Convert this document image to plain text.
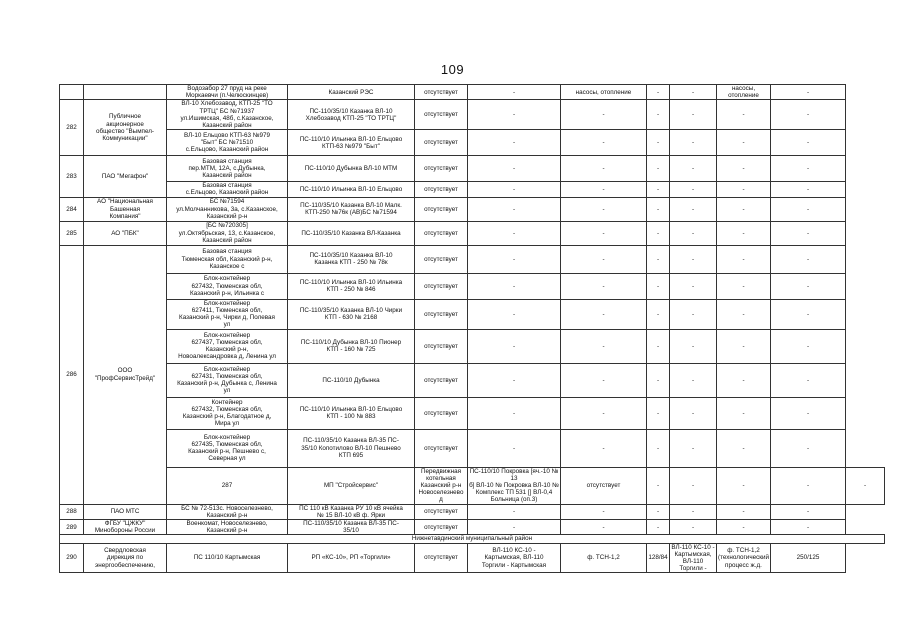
109
		Водозабор 27 пруд на реке
Моркаевчи (п.Челюскинцев)	Казанский РЭС	отсутствует	-	насосы, отопление	-	-	насосы, отопление	-		
282	Публичное
акционерное
общество "Вымпел-
Коммуникации"	ВЛ-10 Хлебозавод, КТП-25 "ТО
ТРТЦ" БС №71937
ул.Ишимская, 48б, с.Казанское,
Казанский район	ПС-110/35/10 Казанка ВЛ-10
Хлебозавод КТП-25 "ТО ТРТЦ"	отсутствует	-	-	-	-	-	-		
		ВЛ-10 Ельцово КТП-63 №979
"Быт" БС №71510
с.Ельцово, Казанский район	ПС-110/10 Ильинка ВЛ-10 Ельцово
КТП-63 №979 "Быт"	отсутствует	-	-	-	-	-	-		
283	ПАО "Мегафон"	Базовая станция
пер.МТМ, 12А, с.Дубынка,
Казанский район	ПС-110/10 Дубынка ВЛ-10 МТМ	отсутствует	-	-	-	-	-	-		
		Базовая станция
с.Ельцово, Казанский район	ПС-110/10 Ильинка ВЛ-10 Ельцово	отсутствует	-	-	-	-	-	-		
284	АО "Национальная
Башенная
Компания"	БС №71594
ул.Молчанникова, 3а, с.Казанское,
Казанский р-н	ПС-110/35/10 Казанка ВЛ-10 Малк.
КТП-250 №76к (АВ)БС №71594	отсутствует	-	-	-	-	-	-		
285	АО "ПБК"	[БС №720305]
ул.Октябрьская, 13, с.Казанское,
Казанский район	ПС-110/35/10 Казанка ВЛ-Казанка	отсутствует	-	-	-	-	-	-		
286	ООО
"ПрофСервисТрейд"	Базовая станция
Тюменская обл, Казанский р-н,
Казанское с	ПС-110/35/10 Казанка ВЛ-10
Казанка КТП - 250 № 78к	отсутствует	-	-	-	-	-	-		
		Блок-контейнер
627432, Тюменская обл,
Казанский р-н, Ильинка с	ПС-110/10 Ильинка ВЛ-10 Ильинка
КТП - 250 № 846	отсутствует	-	-	-	-	-	-		
		Блок-контейнер
627411, Тюменская обл,
Казанский р-н, Чирки д, Полевая
ул	ПС-110/35/10 Казанка ВЛ-10 Чирки
КТП - 630 № 2168	отсутствует	-	-	-	-	-	-		
		Блок-контейнер
627437, Тюменская обл,
Казанский р-н,
Новоалександровка д, Ленина ул	ПС-110/10 Дубынка ВЛ-10 Пионер
КТП - 160 № 725	отсутствует	-	-	-	-	-	-		
		Блок-контейнер
627431, Тюменская обл,
Казанский р-н, Дубынка с, Ленина
ул	ПС-110/10 Дубынка	отсутствует	-	-	-	-	-	-		
		Контейнер
627432, Тюменская обл,
Казанский р-н, Благодатное д,
Мира ул	ПС-110/10 Ильинка ВЛ-10 Ельцово
КТП - 100 № 883	отсутствует	-	-	-	-	-	-		
		Блок-контейнер
627435, Тюменская обл,
Казанский р-н, Пешнево с,
Северная ул	ПС-110/35/10 Казанка ВЛ-35 ПС-
35/10 Копотилово ВЛ-10 Пешнево
КТП 695	отсутствует	-	-	-	-	-	-		
		287	МП "Стройсервис"	Передвижная котельная
Казанский р-н Новоселезнево д	ПС-110/10 Покровка [яч.-10 № 13
б] ВЛ-10 № Покровка ВЛ-10 №
Комплекс ТП 531 [] ВЛ-0,4
Больница (оп.3)	отсутствует	-	-	-	-	-	
288	ПАО МТС	БС № 72-513с. Новоселезнево,
Казанский р-н	ПС 110 кВ Казанка РУ 10 кВ ячейка
№ 15 ВЛ-10 кВ ф. Ярки	отсутствует	-	-	-	-	-	-		
289	ФГБУ "ЦЖКУ"
Минобороны России	Военкомат, Новоселезнево,
Казанский р-н	ПС-110/35/10 Казанка ВЛ-35 ПС-
35/10	отсутствует	-	-	-	-	-	-		
Нижнетавдинский муниципальный район												
290	Свердловская
дирекция по
энергообеспечению,	ПС 110/10 Картымская	РП «КС-10», РП «Торгили»	отсутствует	ВЛ-110 КС-10 -
Картымская, ВЛ-110
Торгили - Картымская	ф. ТСН-1,2	128/84	ВЛ-110 КС-10 -
Картымская, ВЛ-110
Торгили -	ф. ТСН-1,2
(технологический
процесс ж.д.	250/125		
